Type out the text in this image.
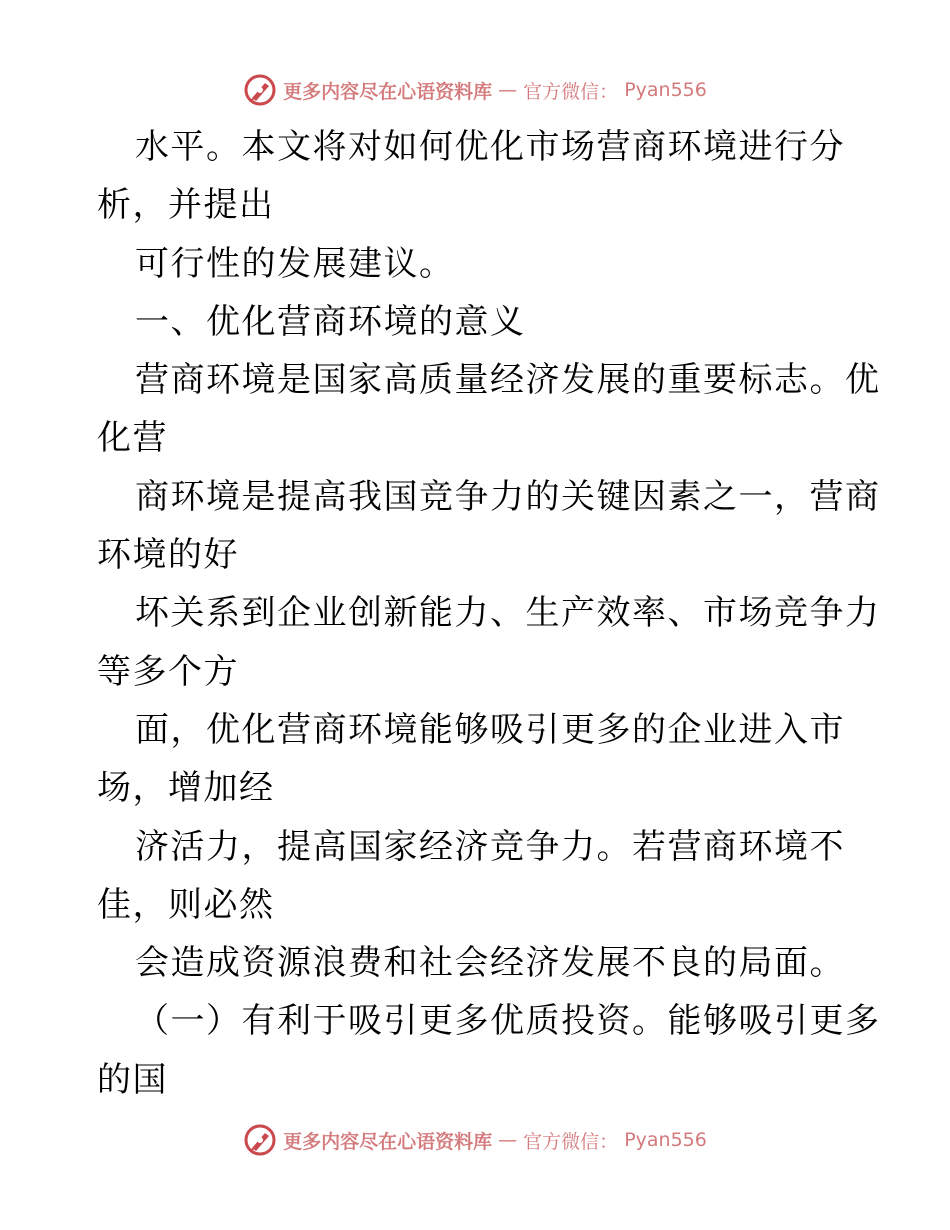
更多内容尽在心语资料库 — 官方微信： Pyan556
水平。本文将对如何优化市场营商环境进行分
析，并提出
可行性的发展建议。
一、优化营商环境的意义
营商环境是国家高质量经济发展的重要标志。优
化营
商环境是提高我国竞争力的关键因素之一，营商
环境的好
坏关系到企业创新能力、生产效率、市场竞争力
等多个方
面，优化营商环境能够吸引更多的企业进入市
场，增加经
济活力，提高国家经济竞争力。若营商环境不
佳，则必然
会造成资源浪费和社会经济发展不良的局面。
（一）有利于吸引更多优质投资。能够吸引更多
的国
更多内容尽在心语资料库 — 官方微信： Pyan556
